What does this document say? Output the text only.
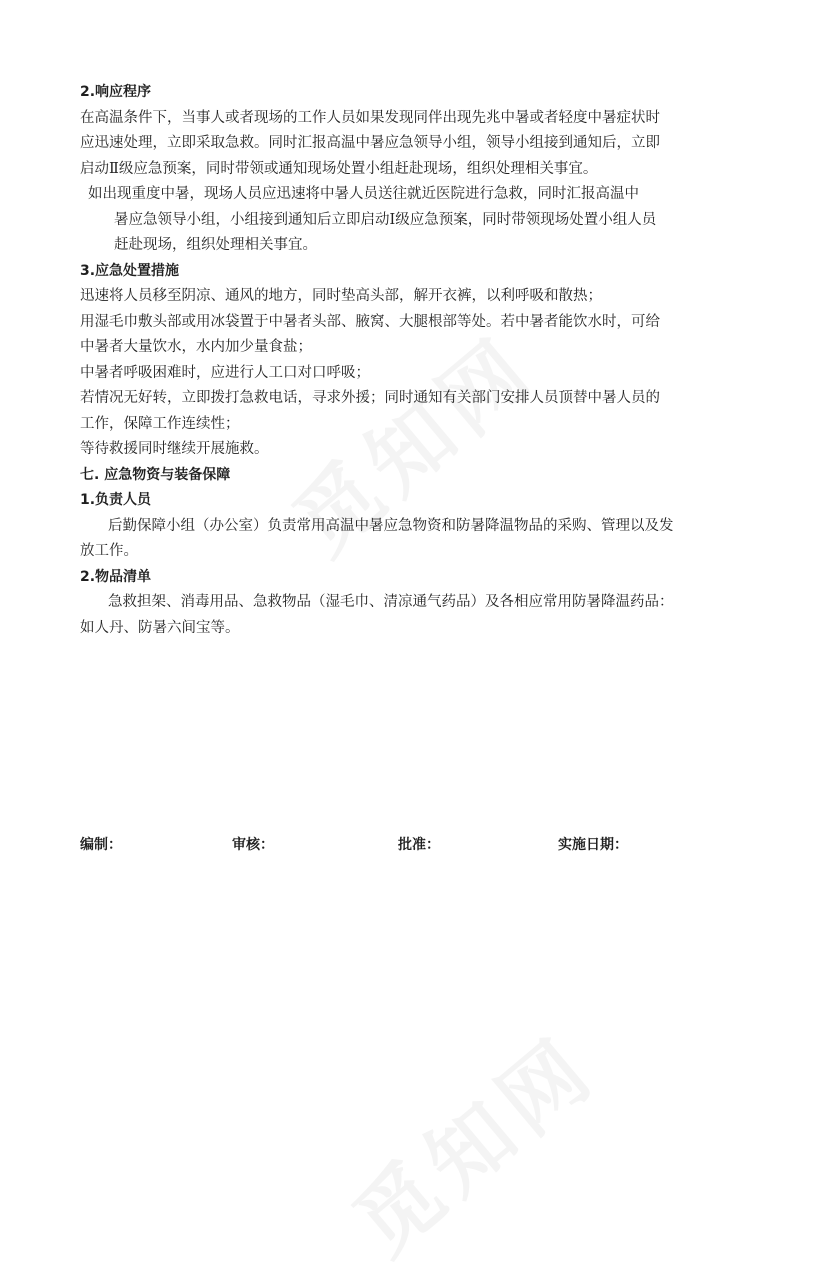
2.响应程序

在高温条件下，当事人或者现场的工作人员如果发现同伴出现先兆中暑或者轻度中暑症状时

应迅速处理，立即采取急救。同时汇报高温中暑应急领导小组，领导小组接到通知后，立即

启动Ⅱ级应急预案，同时带领或通知现场处置小组赶赴现场，组织处理相关事宜。

如出现重度中暑，现场人员应迅速将中暑人员送往就近医院进行急救，同时汇报高温中

暑应急领导小组，小组接到通知后立即启动Ⅰ级应急预案，同时带领现场处置小组人员

赶赴现场，组织处理相关事宜。

3.应急处置措施

迅速将人员移至阴凉、通风的地方，同时垫高头部，解开衣裤，以利呼吸和散热；

用湿毛巾敷头部或用冰袋置于中暑者头部、腋窝、大腿根部等处。若中暑者能饮水时，可给

中暑者大量饮水，水内加少量食盐；

中暑者呼吸困难时，应进行人工口对口呼吸；

若情况无好转，立即拨打急救电话，寻求外援；同时通知有关部门安排人员顶替中暑人员的

工作，保障工作连续性；

等待救援同时继续开展施救。

七. 应急物资与装备保障

1.负责人员

后勤保障小组（办公室）负责常用高温中暑应急物资和防暑降温物品的采购、管理以及发

放工作。

2.物品清单

急救担架、消毒用品、急救物品（湿毛巾、清凉通气药品）及各相应常用防暑降温药品：

如人丹、防暑六间宝等。

编制：	审核：	批准：	实施日期：
